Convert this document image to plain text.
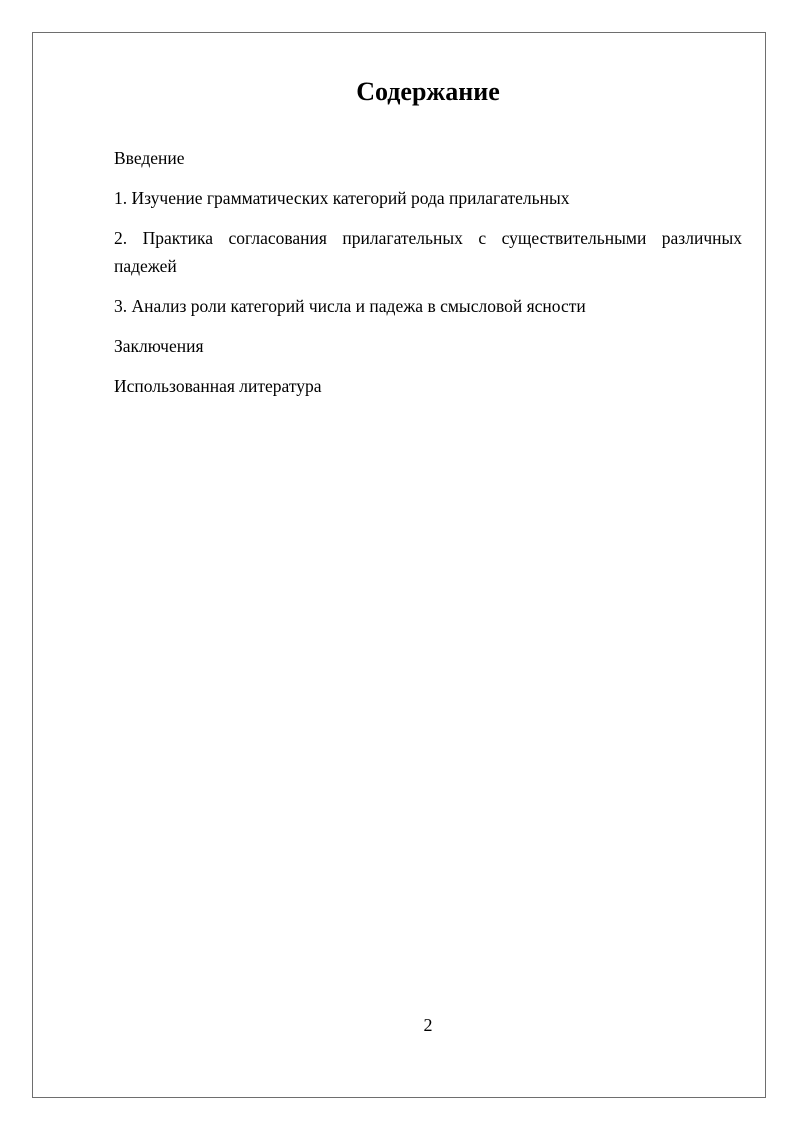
Содержание
Введение
1. Изучение грамматических категорий рода прилагательных
2. Практика согласования прилагательных с существительными различных падежей
3. Анализ роли категорий числа и падежа в смысловой ясности
Заключения
Использованная литература
2
